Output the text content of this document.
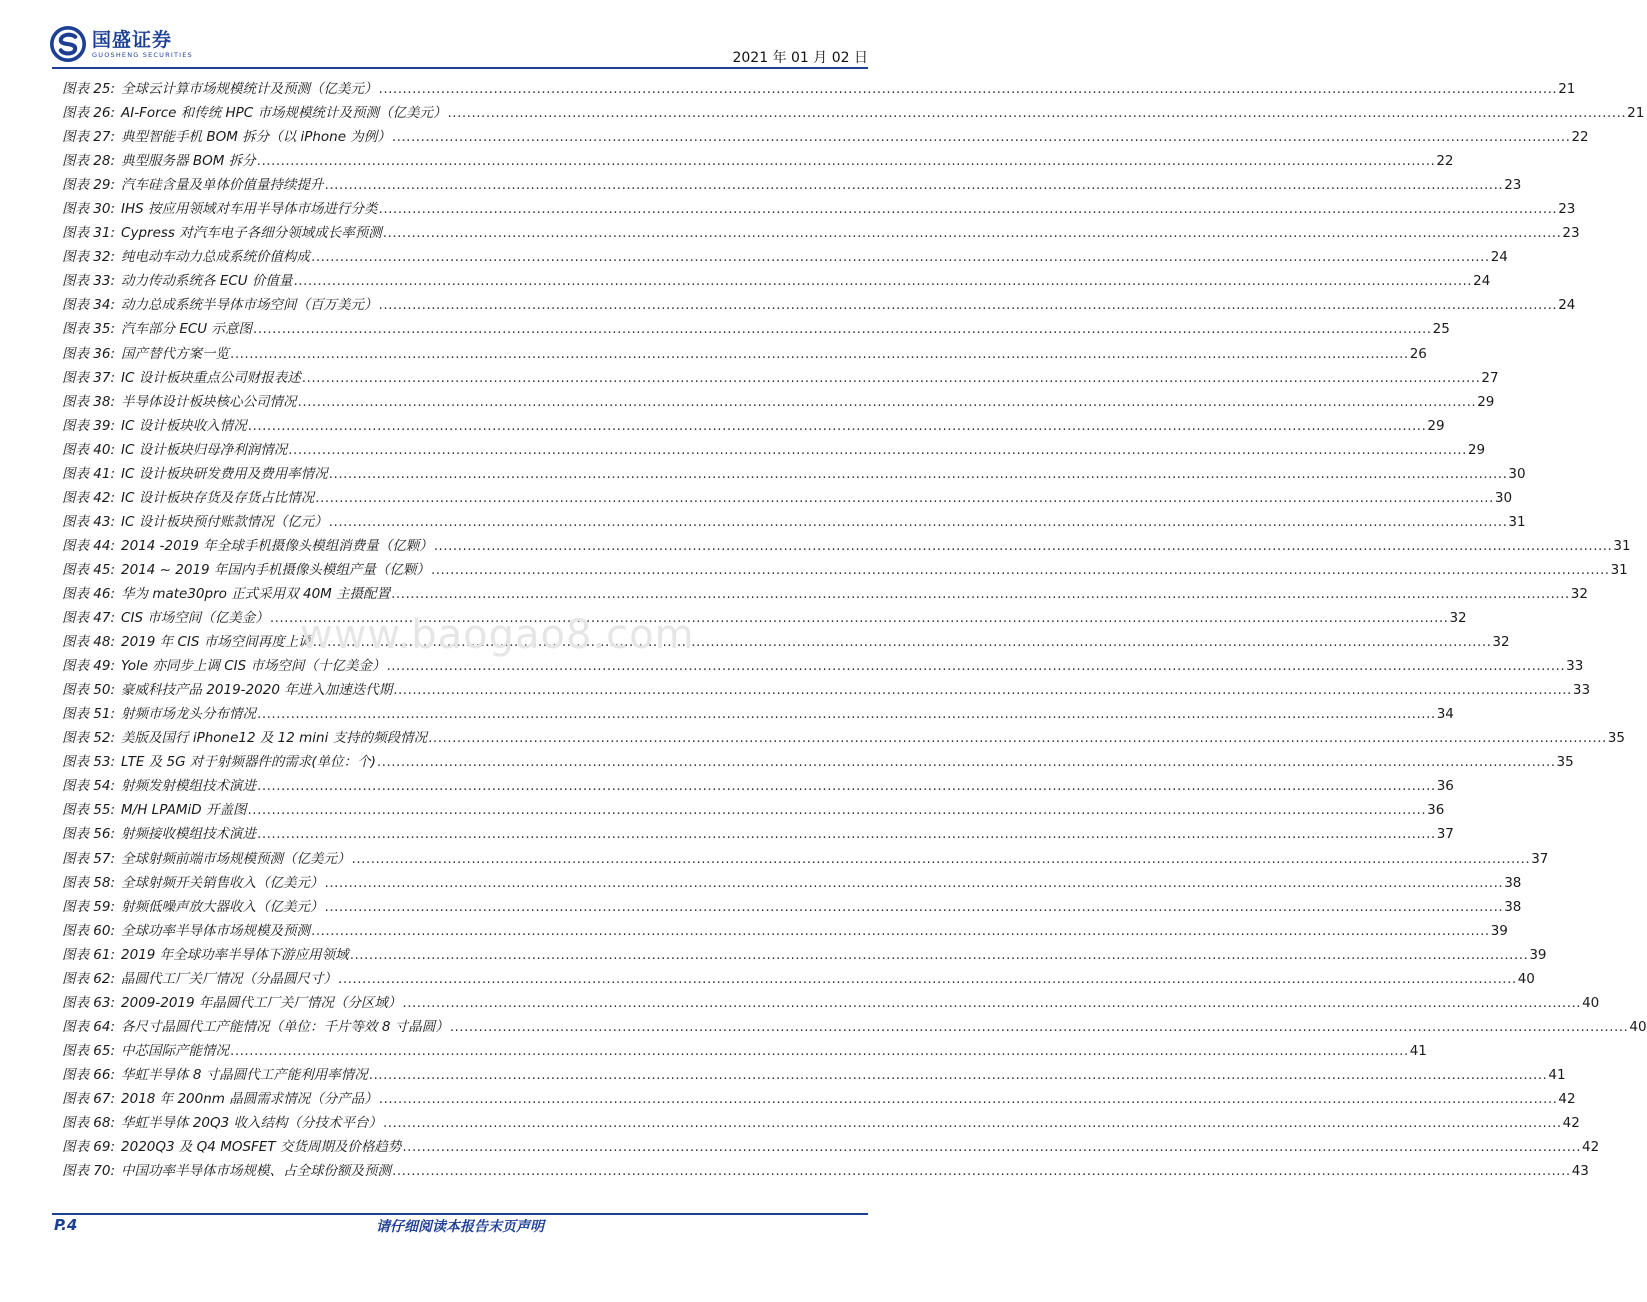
国盛证券
GUOSHENG SECURITIES	2021 年 01 月 02 日
图表 25: 全球云计算市场规模统计及预测（亿美元） .....	21
图表 26: AI-Force 和传统 HPC 市场规模统计及预测（亿美元） .....	21
图表 27: 典型智能手机 BOM 拆分（以 iPhone 为例） .....	22
图表 28: 典型服务器 BOM 拆分 .....	22
图表 29: 汽车硅含量及单体价值量持续提升 .....	23
图表 30: IHS 按应用领域对车用半导体市场进行分类 .....	23
图表 31: Cypress 对汽车电子各细分领域成长率预测 .....	23
图表 32: 纯电动车动力总成系统价值构成 .....	24
图表 33: 动力传动系统各 ECU 价值量 .....	24
图表 34: 动力总成系统半导体市场空间（百万美元） .....	24
图表 35: 汽车部分 ECU 示意图 .....	25
图表 36: 国产替代方案一览 .....	26
图表 37: IC 设计板块重点公司财报表述 .....	27
图表 38: 半导体设计板块核心公司情况 .....	29
图表 39: IC 设计板块收入情况 .....	29
图表 40: IC 设计板块归母净利润情况 .....	29
图表 41: IC 设计板块研发费用及费用率情况 .....	30
图表 42: IC 设计板块存货及存货占比情况 .....	30
图表 43: IC 设计板块预付账款情况（亿元） .....	31
图表 44: 2014 -2019 年全球手机摄像头模组消费量（亿颗） .....	31
图表 45: 2014 ~ 2019 年国内手机摄像头模组产量（亿颗） .....	31
图表 46: 华为 mate30pro 正式采用双 40M 主摄配置 .....	32
图表 47: CIS 市场空间（亿美金） .....	32
图表 48: 2019 年 CIS 市场空间再度上调 .....	32
图表 49: Yole 亦同步上调 CIS 市场空间（十亿美金） .....	33
图表 50: 豪威科技产品 2019-2020 年进入加速迭代期 .....	33
图表 51: 射频市场龙头分布情况 .....	34
图表 52: 美版及国行 iPhone12 及 12 mini 支持的频段情况 .....	35
图表 53: LTE 及 5G 对于射频器件的需求(单位：个) .....	35
图表 54: 射频发射模组技术演进 .....	36
图表 55: M/H LPAMiD 开盖图 .....	36
图表 56: 射频接收模组技术演进 .....	37
图表 57: 全球射频前端市场规模预测（亿美元） .....	37
图表 58: 全球射频开关销售收入（亿美元） .....	38
图表 59: 射频低噪声放大器收入（亿美元） .....	38
图表 60: 全球功率半导体市场规模及预测 .....	39
图表 61: 2019 年全球功率半导体下游应用领域 .....	39
图表 62: 晶圆代工厂关厂情况（分晶圆尺寸） .....	40
图表 63: 2009-2019 年晶圆代工厂关厂情况（分区域） .....	40
图表 64: 各尺寸晶圆代工产能情况（单位：千片等效 8 寸晶圆） .....	40
图表 65: 中芯国际产能情况 .....	41
图表 66: 华虹半导体 8 寸晶圆代工产能利用率情况 .....	41
图表 67: 2018 年 200nm 晶圆需求情况（分产品） .....	42
图表 68: 华虹半导体 20Q3 收入结构（分技术平台） .....	42
图表 69: 2020Q3 及 Q4 MOSFET 交货周期及价格趋势 .....	42
图表 70: 中国功率半导体市场规模、占全球份额及预测 .....	43
www.baogao8.com
请仔细阅读本报告末页声明
P.4
